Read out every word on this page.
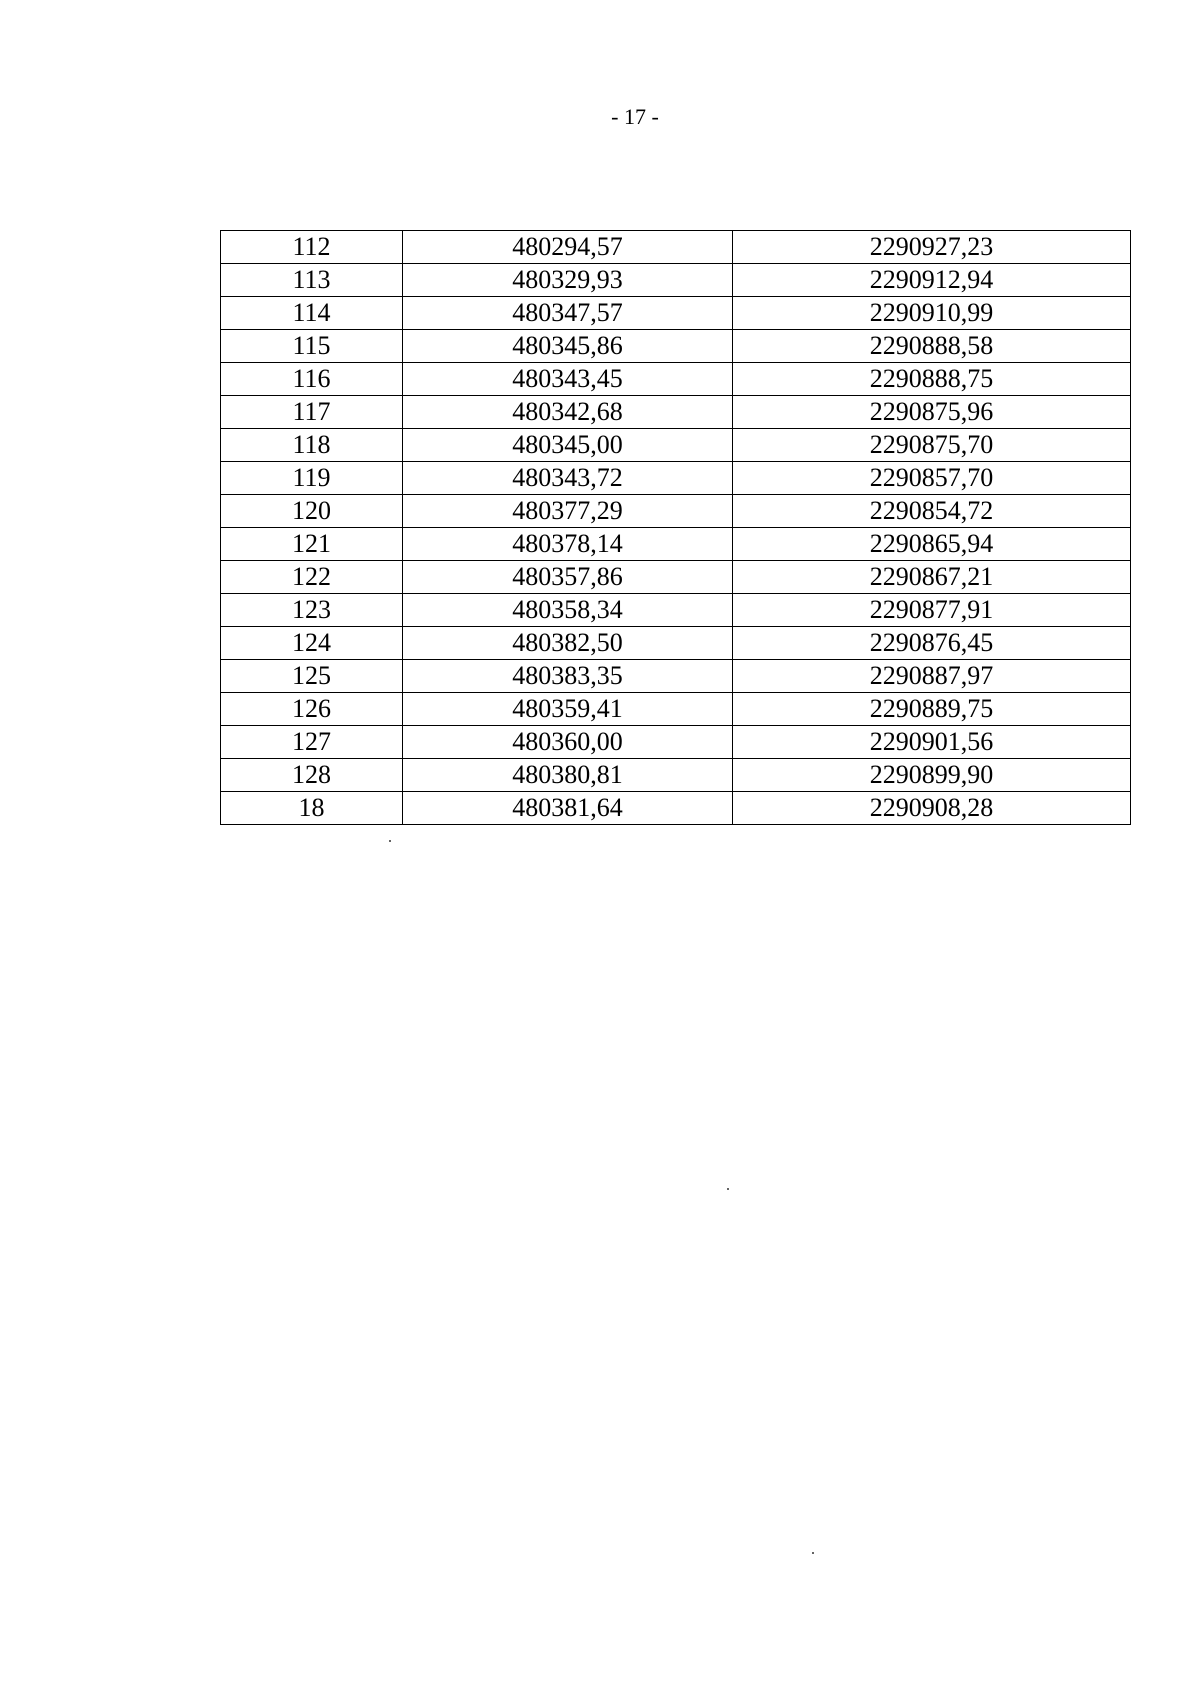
- 17 -
112	480294,57	2290927,23
113	480329,93	2290912,94
114	480347,57	2290910,99
115	480345,86	2290888,58
116	480343,45	2290888,75
117	480342,68	2290875,96
118	480345,00	2290875,70
119	480343,72	2290857,70
120	480377,29	2290854,72
121	480378,14	2290865,94
122	480357,86	2290867,21
123	480358,34	2290877,91
124	480382,50	2290876,45
125	480383,35	2290887,97
126	480359,41	2290889,75
127	480360,00	2290901,56
128	480380,81	2290899,90
18	480381,64	2290908,28
